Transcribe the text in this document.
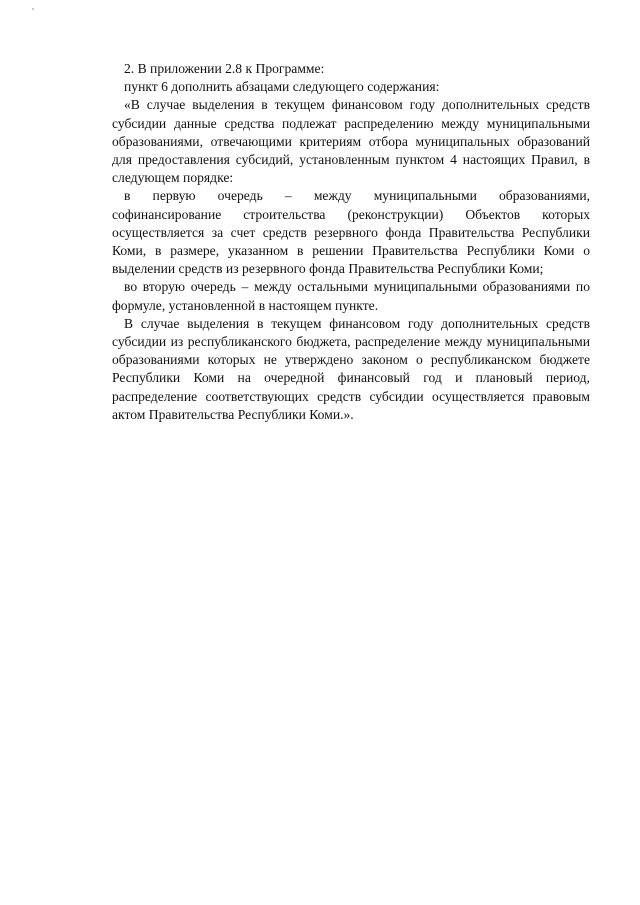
2. В приложении 2.8 к Программе:

пункт 6 дополнить абзацами следующего содержания:

«В случае выделения в текущем финансовом году дополнительных средств субсидии данные средства подлежат распределению между муниципальными образованиями, отвечающими критериям отбора муниципальных образований для предоставления субсидий, установленным пунктом 4 настоящих Правил, в следующем порядке:

в первую очередь – между муниципальными образованиями, софинансирование строительства (реконструкции) Объектов которых осуществляется за счет средств резервного фонда Правительства Республики Коми, в размере, указанном в решении Правительства Республики Коми о выделении средств из резервного фонда Правительства Республики Коми;

во вторую очередь – между остальными муниципальными образованиями по формуле, установленной в настоящем пункте.

В случае выделения в текущем финансовом году дополнительных средств субсидии из республиканского бюджета, распределение между муниципальными образованиями которых не утверждено законом о республиканском бюджете Республики Коми на очередной финансовый год и плановый период, распределение соответствующих средств субсидии осуществляется правовым актом Правительства Республики Коми.».
